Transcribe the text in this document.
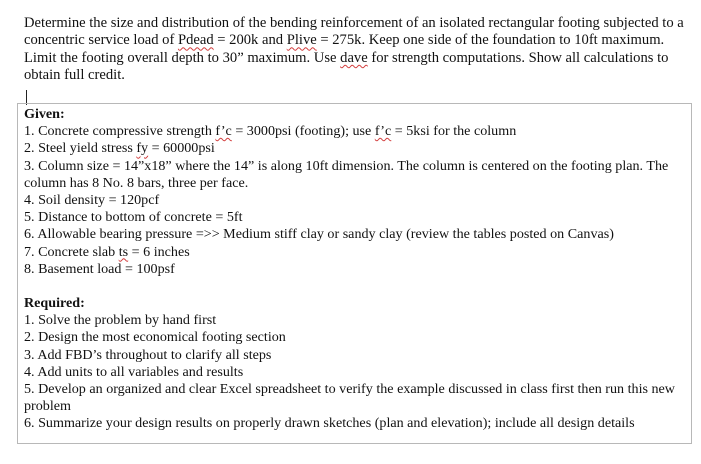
Determine the size and distribution of the bending reinforcement of an isolated rectangular footing subjected to a concentric service load of Pdead = 200k and Plive = 275k. Keep one side of the foundation to 10ft maximum. Limit the footing overall depth to 30” maximum. Use dave for strength computations. Show all calculations to obtain full credit.
Given:
1. Concrete compressive strength f’c = 3000psi (footing); use f’c = 5ksi for the column
2. Steel yield stress fy = 60000psi
3. Column size = 14”x18” where the 14” is along 10ft dimension. The column is centered on the footing plan. The column has 8 No. 8 bars, three per face.
4. Soil density = 120pcf
5. Distance to bottom of concrete = 5ft
6. Allowable bearing pressure =>> Medium stiff clay or sandy clay (review the tables posted on Canvas)
7. Concrete slab ts = 6 inches
8. Basement load = 100psf
Required:
1. Solve the problem by hand first
2. Design the most economical footing section
3. Add FBD’s throughout to clarify all steps
4. Add units to all variables and results
5. Develop an organized and clear Excel spreadsheet to verify the example discussed in class first then run this new problem
6. Summarize your design results on properly drawn sketches (plan and elevation); include all design details
